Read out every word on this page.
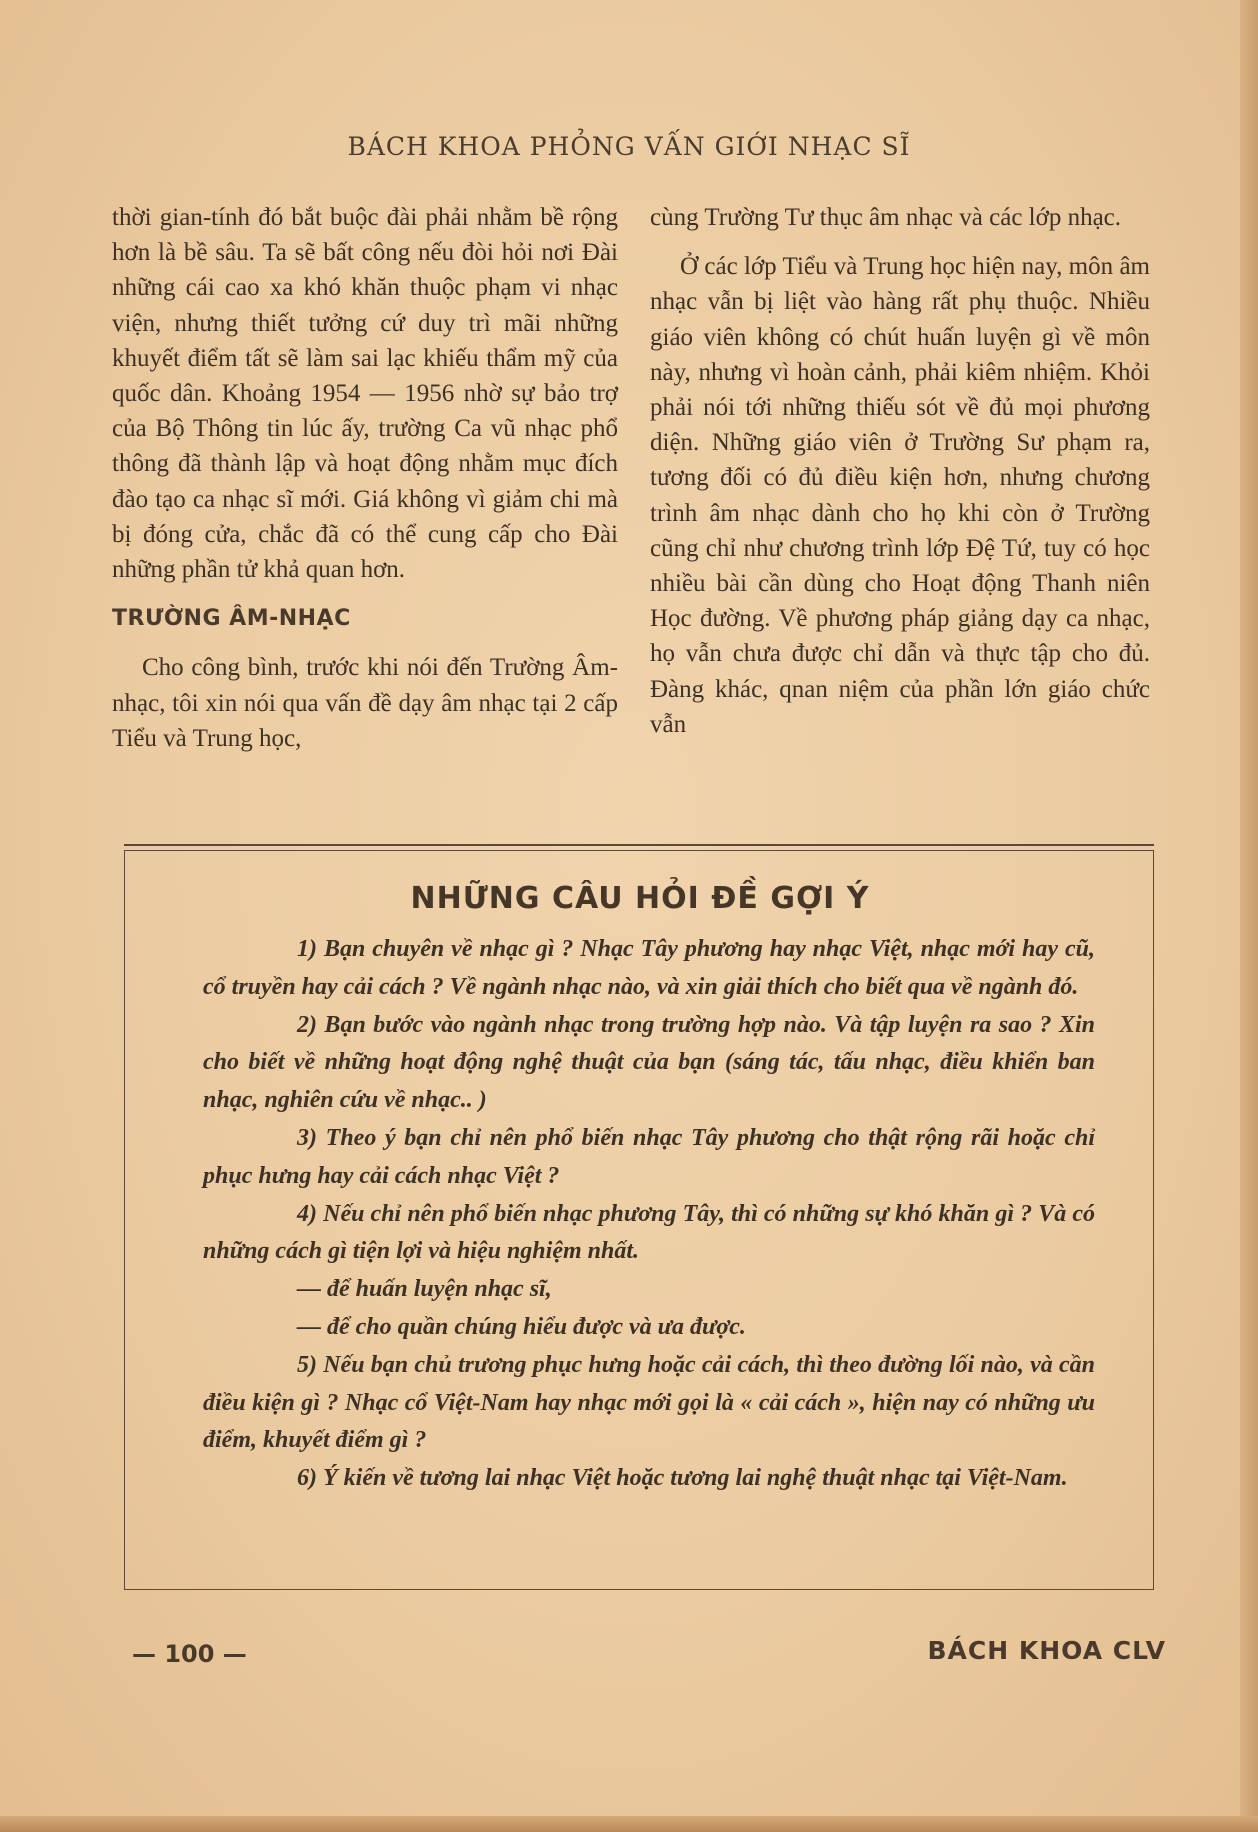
BÁCH KHOA PHỎNG VẤN GIỚI NHẠC SĨ

thời gian-tính đó bắt buộc đài phải nhằm bề rộng hơn là bề sâu. Ta sẽ bất công nếu đòi hỏi nơi Đài những cái cao xa khó khăn thuộc phạm vi nhạc viện, nhưng thiết tưởng cứ duy trì mãi những khuyết điểm tất sẽ làm sai lạc khiếu thẩm mỹ của quốc dân. Khoảng 1954 — 1956 nhờ sự bảo trợ của Bộ Thông tin lúc ấy, trường Ca vũ nhạc phổ thông đã thành lập và hoạt động nhằm mục đích đào tạo ca nhạc sĩ mới. Giá không vì giảm chi mà bị đóng cửa, chắc đã có thể cung cấp cho Đài những phần tử khả quan hơn.

TRƯỜNG ÂM-NHẠC

Cho công bình, trước khi nói đến Trường Âm-nhạc, tôi xin nói qua vấn đề dạy âm nhạc tại 2 cấp Tiểu và Trung học,

cùng Trường Tư thục âm nhạc và các lớp nhạc.

Ở các lớp Tiểu và Trung học hiện nay, môn âm nhạc vẫn bị liệt vào hàng rất phụ thuộc. Nhiều giáo viên không có chút huấn luyện gì về môn này, nhưng vì hoàn cảnh, phải kiêm nhiệm. Khỏi phải nói tới những thiếu sót về đủ mọi phương diện. Những giáo viên ở Trường Sư phạm ra, tương đối có đủ điều kiện hơn, nhưng chương trình âm nhạc dành cho họ khi còn ở Trường cũng chỉ như chương trình lớp Đệ Tứ, tuy có học nhiều bài cần dùng cho Hoạt động Thanh niên Học đường. Về phương pháp giảng dạy ca nhạc, họ vẫn chưa được chỉ dẫn và thực tập cho đủ. Đàng khác, qnan niệm của phần lớn giáo chức vẫn

NHỮNG CÂU HỎI ĐỀ GỢI Ý

1) Bạn chuyên về nhạc gì ? Nhạc Tây phương hay nhạc Việt, nhạc mới hay cũ, cổ truyền hay cải cách ? Về ngành nhạc nào, và xin giải thích cho biết qua về ngành đó.

2) Bạn bước vào ngành nhạc trong trường hợp nào. Và tập luyện ra sao ? Xin cho biết về những hoạt động nghệ thuật của bạn (sáng tác, tấu nhạc, điều khiển ban nhạc, nghiên cứu về nhạc.. )

3) Theo ý bạn chỉ nên phổ biến nhạc Tây phương cho thật rộng rãi hoặc chỉ phục hưng hay cải cách nhạc Việt ?

4) Nếu chỉ nên phổ biến nhạc phương Tây, thì có những sự khó khăn gì ? Và có những cách gì tiện lợi và hiệu nghiệm nhất.

— để huấn luyện nhạc sĩ,

— để cho quần chúng hiểu được và ưa được.

5) Nếu bạn chủ trương phục hưng hoặc cải cách, thì theo đường lối nào, và cần điều kiện gì ? Nhạc cổ Việt-Nam hay nhạc mới gọi là « cải cách », hiện nay có những ưu điểm, khuyết điểm gì ?

6) Ý kiến về tương lai nhạc Việt hoặc tương lai nghệ thuật nhạc tại Việt-Nam.

— 100 —	BÁCH KHOA CLV
